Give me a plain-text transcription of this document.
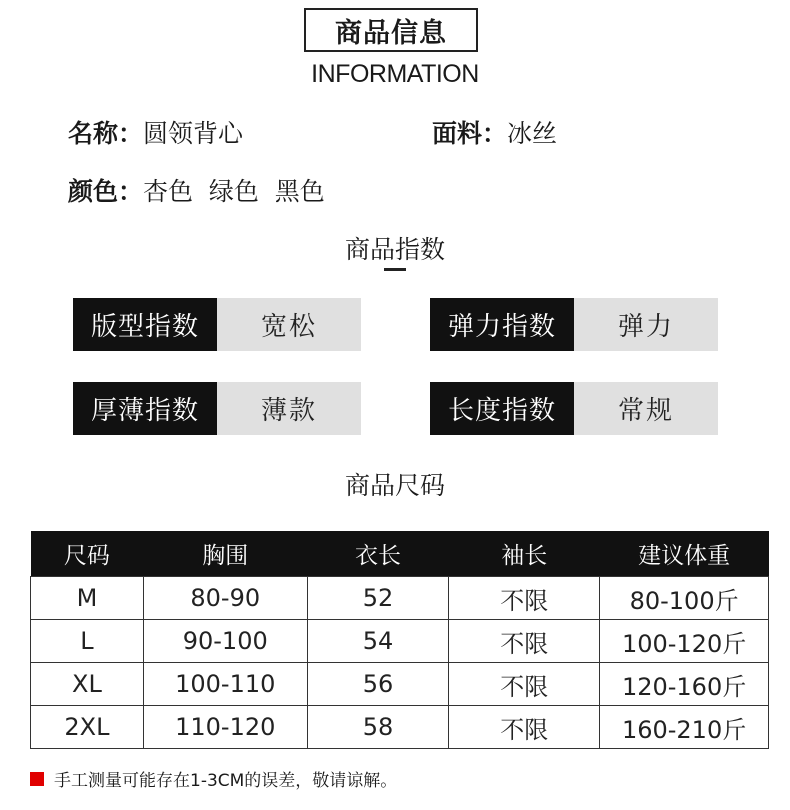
商品信息
INFORMATION
名称：圆领背心	面料：冰丝
颜色：杏色  绿色  黑色
商品指数
版型指数	宽松	弹力指数	弹力
厚薄指数	薄款	长度指数	常规
商品尺码
尺码	胸围	衣长	袖长	建议体重
M	80-90	52	不限	80-100斤
L	90-100	54	不限	100-120斤
XL	100-110	56	不限	120-160斤
2XL	110-120	58	不限	160-210斤
手工测量可能存在1-3CM的误差，敬请谅解。
